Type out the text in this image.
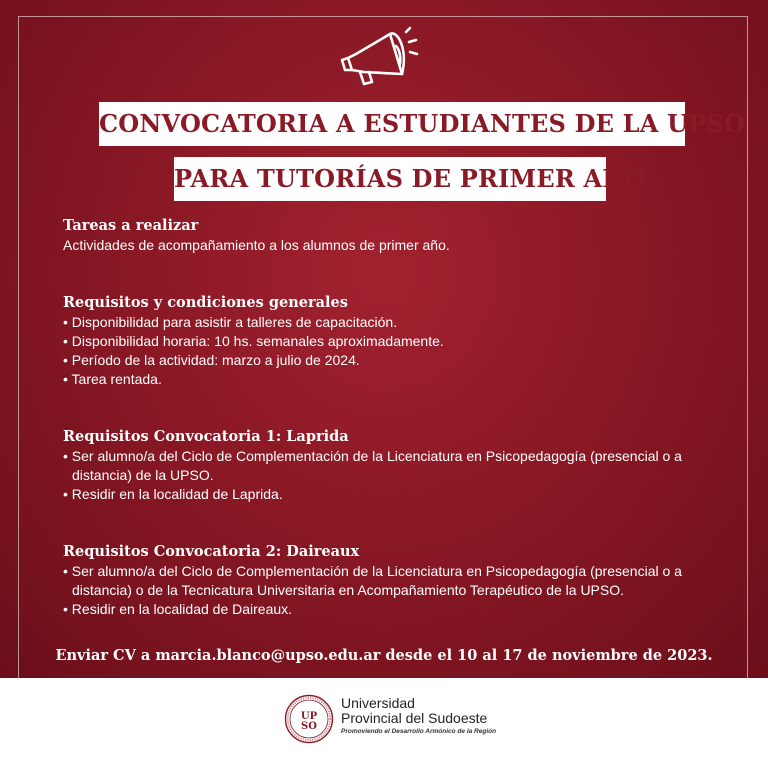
CONVOCATORIA A ESTUDIANTES DE LA UPSO
PARA TUTORÍAS DE PRIMER AÑO
Tareas a realizar

Actividades de acompañamiento a los alumnos de primer año.

Requisitos y condiciones generales
• Disponibilidad para asistir a talleres de capacitación.
• Disponibilidad horaria: 10 hs. semanales aproximadamente.
• Período de la actividad: marzo a julio de 2024.
• Tarea rentada.
Requisitos Convocatoria 1: Laprida
• Ser alumno/a del Ciclo de Complementación de la Licenciatura en Psicopedagogía (presencial o a distancia) de la UPSO.
• Residir en la localidad de Laprida.
Requisitos Convocatoria 2: Daireaux
• Ser alumno/a del Ciclo de Complementación de la Licenciatura en Psicopedagogía (presencial o a distancia) o de la Tecnicatura Universitaria en Acompañamiento Terapéutico de la UPSO.
• Residir en la localidad de Daireaux.
Enviar CV a marcia.blanco@upso.edu.ar desde el 10 al 17 de noviembre de 2023.
UP
SO
Universidad
Provincial del Sudoeste
Promoviendo el Desarrollo Armónico de la Región
